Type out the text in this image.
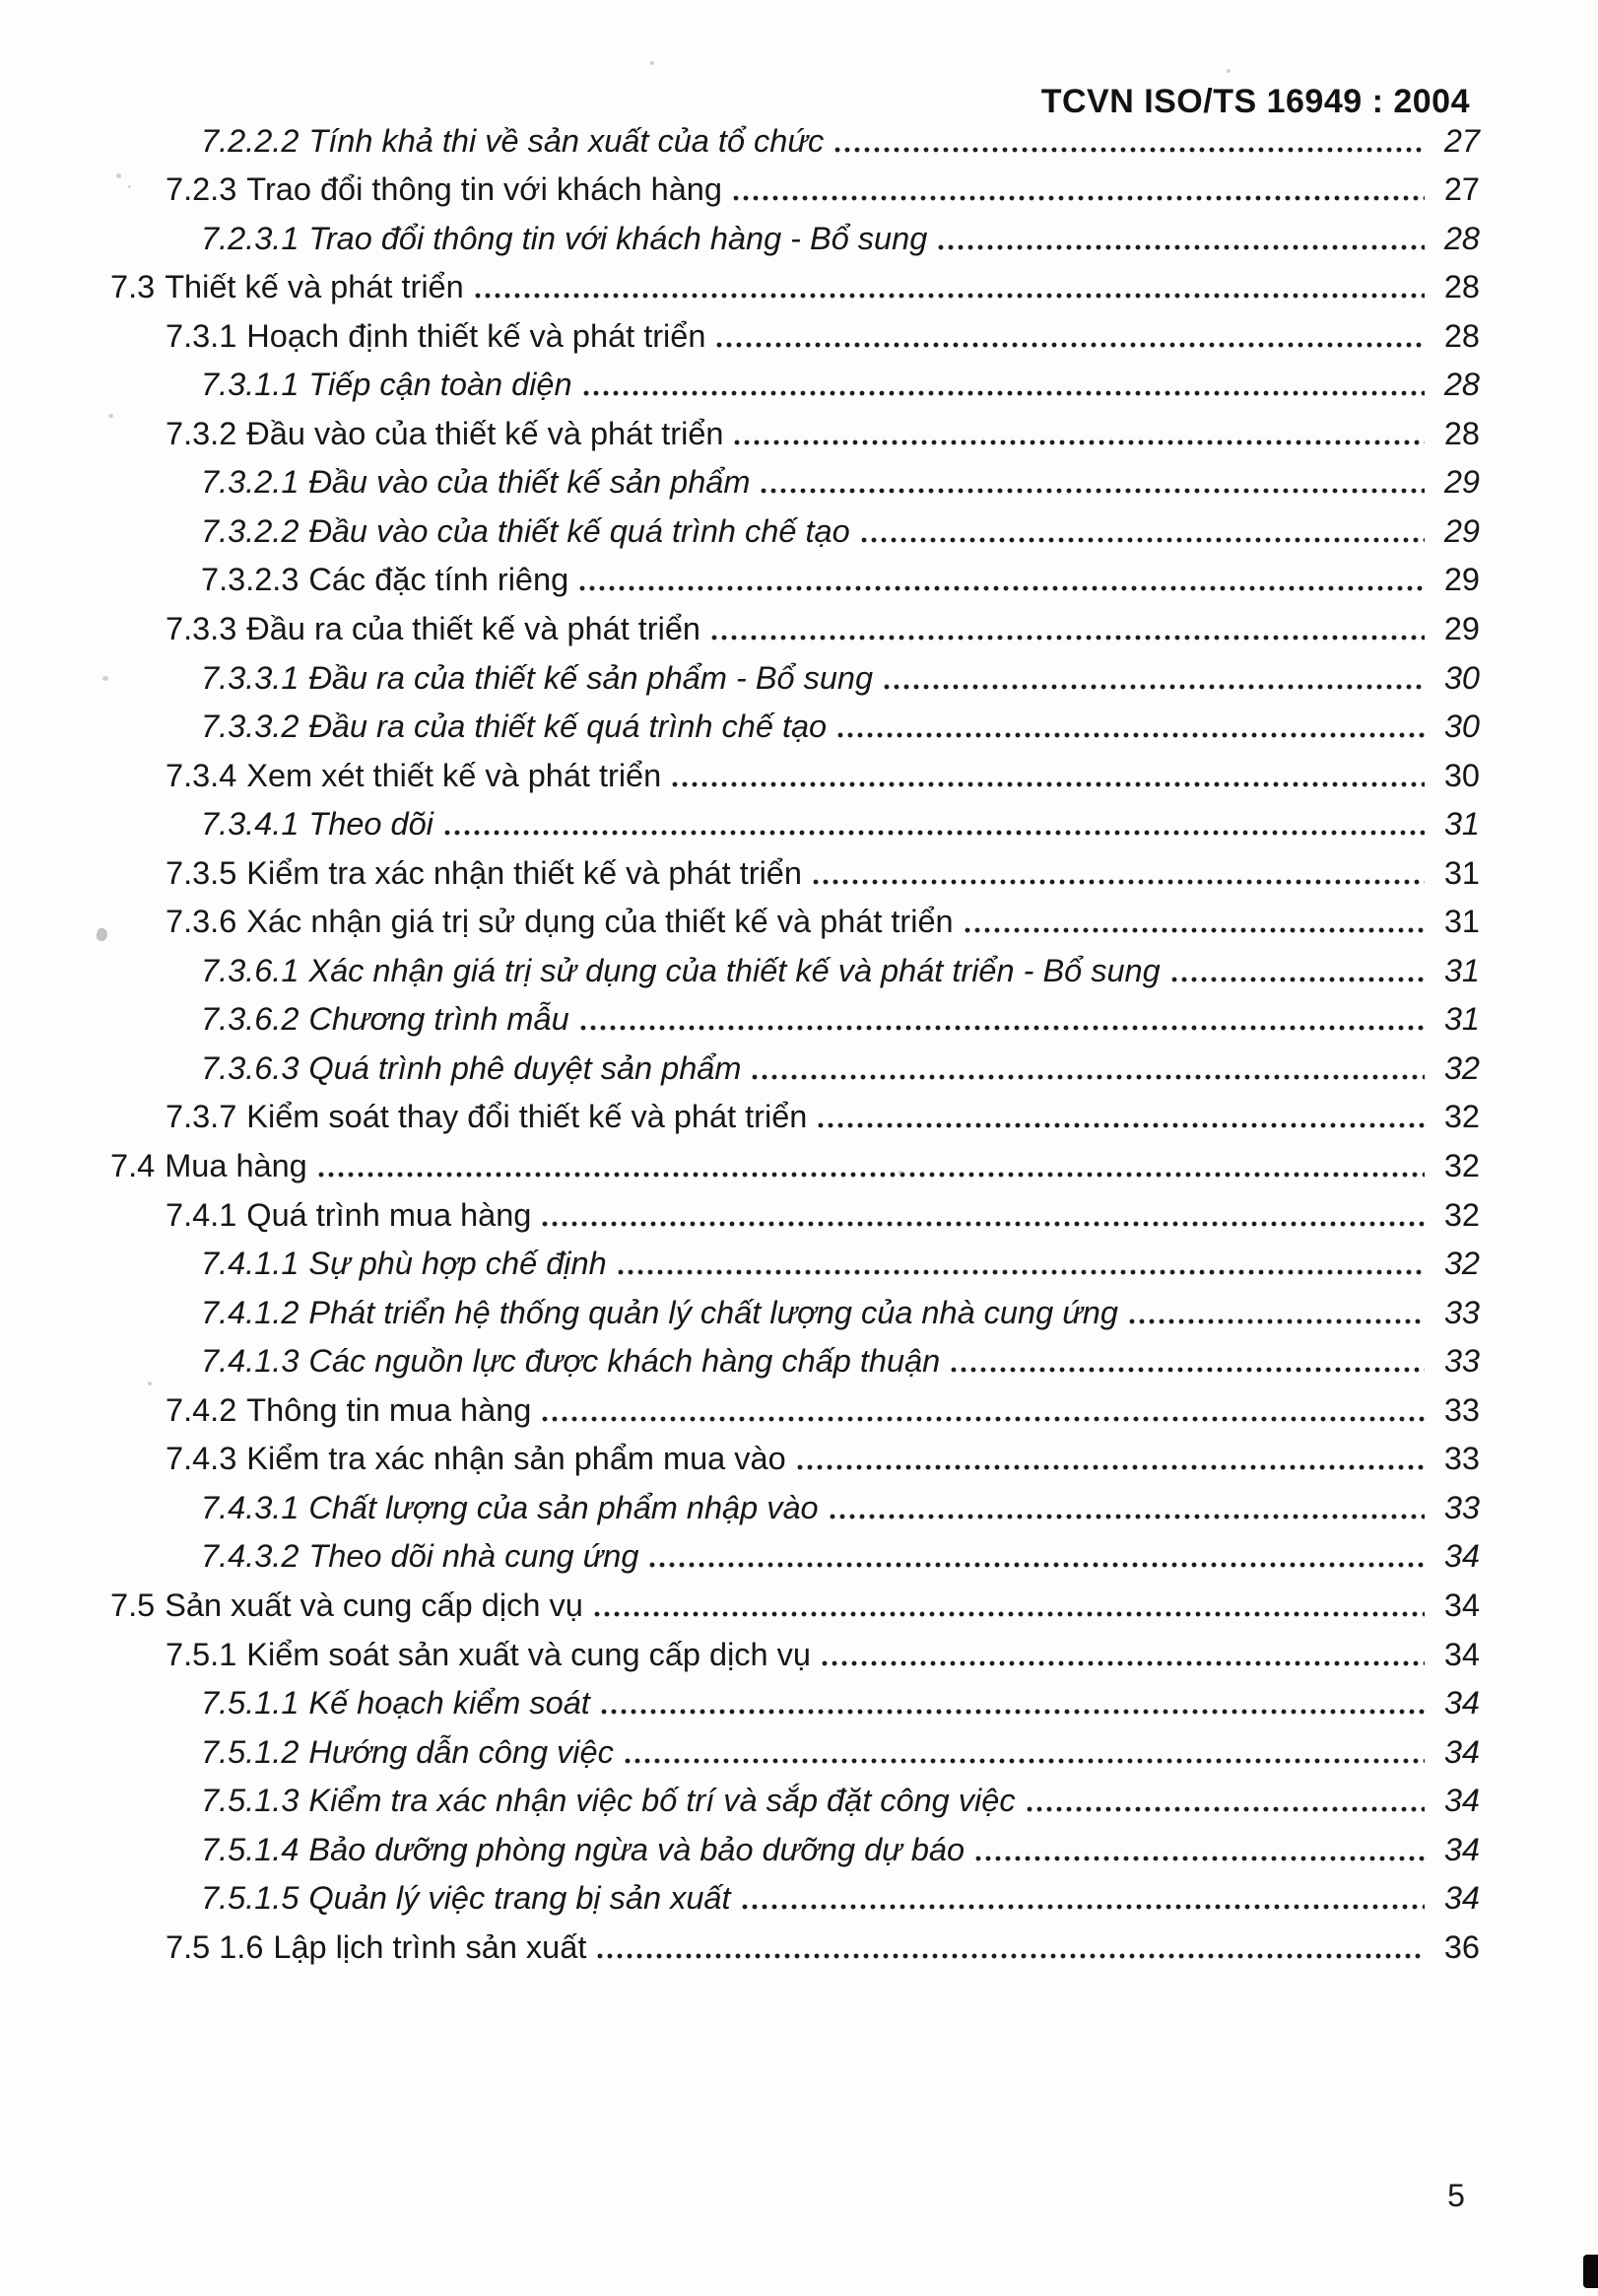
TCVN ISO/TS 16949 : 2004
7.2.2.2 Tính khả thi về sản xuất của tổ chức	27
7.2.3 Trao đổi thông tin với khách hàng	27
7.2.3.1 Trao đổi thông tin với khách hàng - Bổ sung	28
7.3 Thiết kế và phát triển	28
7.3.1 Hoạch định thiết kế và phát triển	28
7.3.1.1 Tiếp cận toàn diện	28
7.3.2 Đầu vào của thiết kế và phát triển	28
7.3.2.1 Đầu vào của thiết kế sản phẩm	29
7.3.2.2 Đầu vào của thiết kế quá trình chế tạo	29
7.3.2.3 Các đặc tính riêng	29
7.3.3 Đầu ra của thiết kế và phát triển	29
7.3.3.1 Đầu ra của thiết kế sản phẩm - Bổ sung	30
7.3.3.2 Đầu ra của thiết kế quá trình chế tạo	30
7.3.4 Xem xét thiết kế và phát triển	30
7.3.4.1 Theo dõi	31
7.3.5 Kiểm tra xác nhận thiết kế và phát triển	31
7.3.6 Xác nhận giá trị sử dụng của thiết kế và phát triển	31
7.3.6.1 Xác nhận giá trị sử dụng của thiết kế và phát triển - Bổ sung	31
7.3.6.2 Chương trình mẫu	31
7.3.6.3 Quá trình phê duyệt sản phẩm	32
7.3.7 Kiểm soát thay đổi thiết kế và phát triển	32
7.4 Mua hàng	32
7.4.1 Quá trình mua hàng	32
7.4.1.1 Sự phù hợp chế định	32
7.4.1.2 Phát triển hệ thống quản lý chất lượng của nhà cung ứng	33
7.4.1.3 Các nguồn lực được khách hàng chấp thuận	33
7.4.2 Thông tin mua hàng	33
7.4.3 Kiểm tra xác nhận sản phẩm mua vào	33
7.4.3.1 Chất lượng của sản phẩm nhập vào	33
7.4.3.2 Theo dõi nhà cung ứng	34
7.5 Sản xuất và cung cấp dịch vụ	34
7.5.1 Kiểm soát sản xuất và cung cấp dịch vụ	34
7.5.1.1 Kế hoạch kiểm soát	34
7.5.1.2 Hướng dẫn công việc	34
7.5.1.3 Kiểm tra xác nhận việc bố trí và sắp đặt công việc	34
7.5.1.4 Bảo dưỡng phòng ngừa và bảo dưỡng dự báo	34
7.5.1.5 Quản lý việc trang bị sản xuất	34
7.5 1.6 Lập lịch trình sản xuất	36
5
